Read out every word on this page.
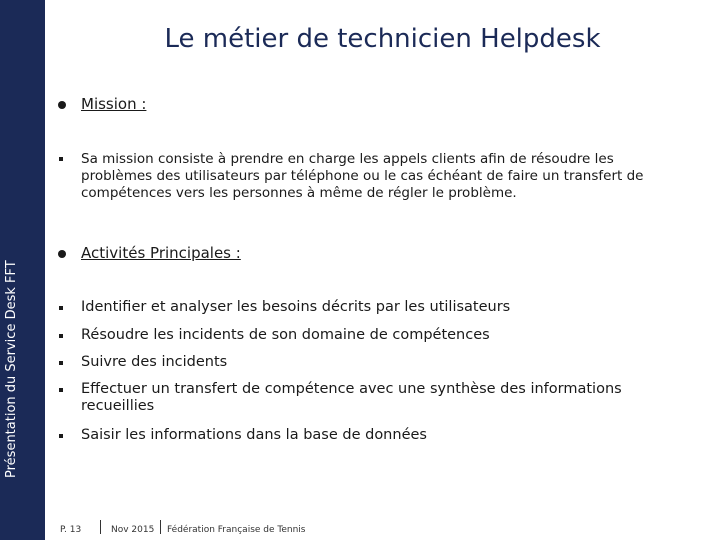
Présentation du Service Desk FFT
Le métier de technicien Helpdesk
Mission :
Sa mission consiste à prendre en charge les appels clients afin de résoudre les problèmes des utilisateurs par téléphone ou le cas échéant de faire un transfert de compétences vers les personnes à même de régler le problème.
Activités Principales :
Identifier et analyser les besoins décrits par les utilisateurs
Résoudre les incidents de son domaine de compétences
Suivre des incidents
Effectuer un transfert de compétence avec une synthèse des informations recueillies
Saisir les informations dans la base de données
P. 13	Nov 2015 Fédération Française de Tennis
